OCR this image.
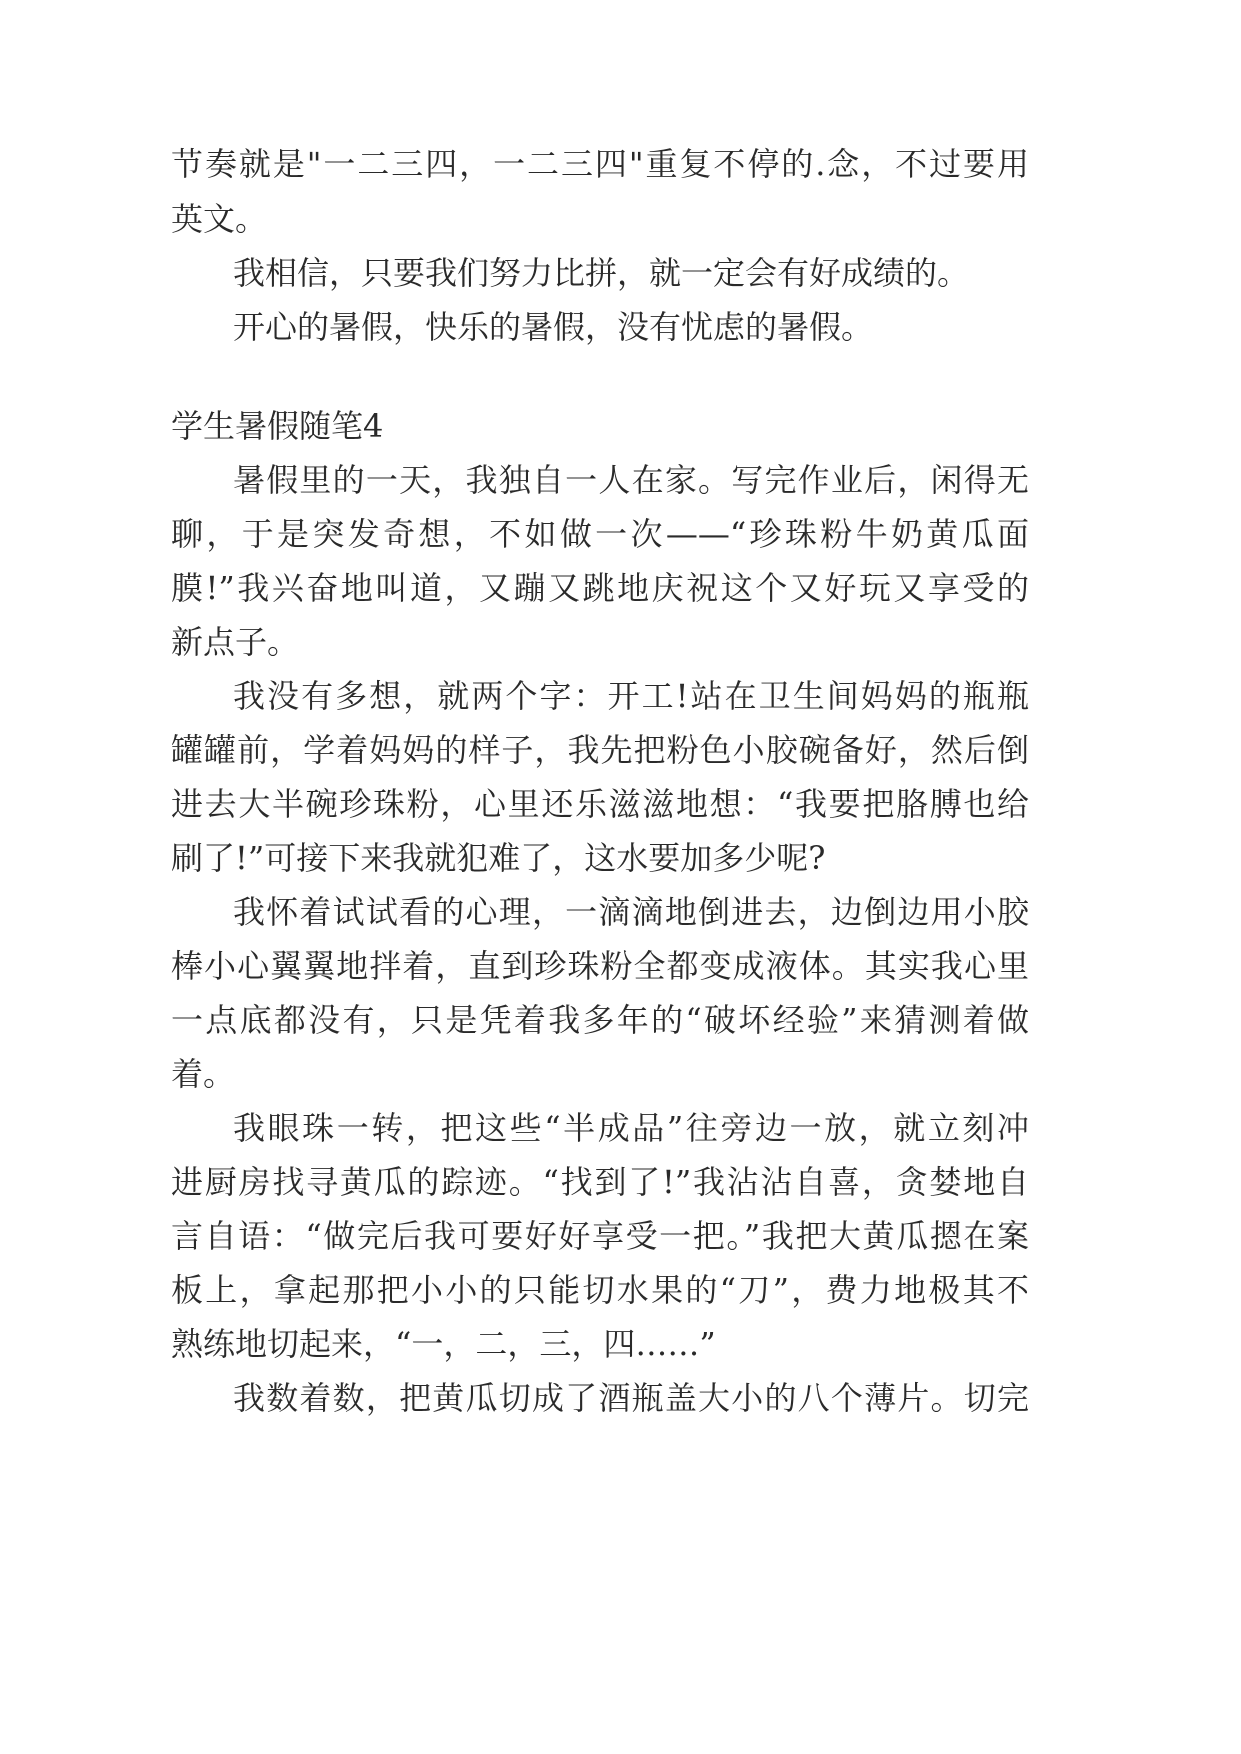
节奏就是"一二三四，一二三四"重复不停的.念，不过要用
英文。
我相信，只要我们努力比拼，就一定会有好成绩的。
开心的暑假，快乐的暑假，没有忧虑的暑假。
学生暑假随笔4
暑假里的一天，我独自一人在家。写完作业后，闲得无
聊，于是突发奇想，不如做一次——“珍珠粉牛奶黄瓜面
膜!”我兴奋地叫道，又蹦又跳地庆祝这个又好玩又享受的
新点子。
我没有多想，就两个字：开工!站在卫生间妈妈的瓶瓶
罐罐前，学着妈妈的样子，我先把粉色小胶碗备好，然后倒
进去大半碗珍珠粉，心里还乐滋滋地想：“我要把胳膊也给
刷了!”可接下来我就犯难了，这水要加多少呢?
我怀着试试看的心理，一滴滴地倒进去，边倒边用小胶
棒小心翼翼地拌着，直到珍珠粉全都变成液体。其实我心里
一点底都没有，只是凭着我多年的“破坏经验”来猜测着做
着。
我眼珠一转，把这些“半成品”往旁边一放，就立刻冲
进厨房找寻黄瓜的踪迹。“找到了!”我沾沾自喜，贪婪地自
言自语：“做完后我可要好好享受一把。”我把大黄瓜摁在案
板上，拿起那把小小的只能切水果的“刀”，费力地极其不
熟练地切起来，“一，二，三，四……”
我数着数，把黄瓜切成了酒瓶盖大小的八个薄片。切完
